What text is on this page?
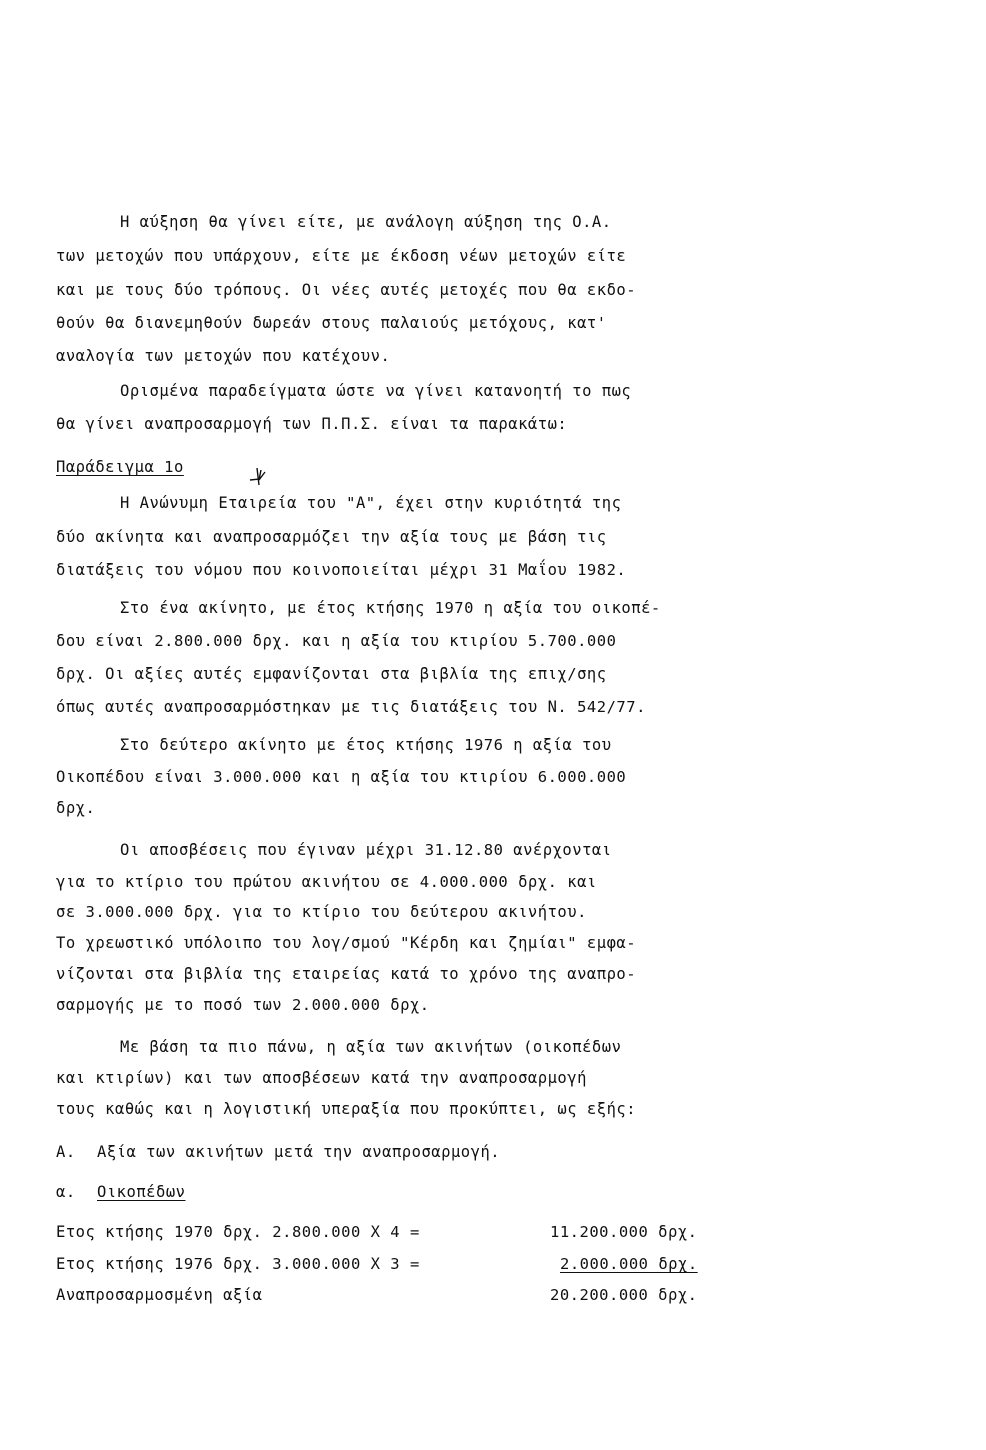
Η αύξηση θα γίνει είτε, με ανάλογη αύξηση της Ο.Α.
των μετοχών που υπάρχουν, είτε με έκδοση νέων μετοχών είτε
και με τους δύο τρόπους. Οι νέες αυτές μετοχές που θα εκδο-
θούν θα διανεμηθούν δωρεάν στους παλαιούς μετόχους, κατ'
αναλογία των μετοχών που κατέχουν.
Ορισμένα παραδείγματα ώστε να γίνει κατανοητή το πως
θα γίνει αναπροσαρμογή των Π.Π.Σ. είναι τα παρακάτω:
Παράδειγμα 1ο
Η Ανώνυμη Εταιρεία του "Α", έχει στην κυριότητά της
δύο ακίνητα και αναπροσαρμόζει την αξία τους με βάση τις
διατάξεις του νόμου που κοινοποιείται μέχρι 31 Μαΐου 1982.
Στο ένα ακίνητο, με έτος κτήσης 1970 η αξία του οικοπέ-
δου είναι 2.800.000 δρχ. και η αξία του κτιρίου 5.700.000
δρχ. Οι αξίες αυτές εμφανίζονται στα βιβλία της επιχ/σης
όπως αυτές αναπροσαρμόστηκαν με τις διατάξεις του Ν. 542/77.
Στο δεύτερο ακίνητο με έτος κτήσης 1976 η αξία του
Οικοπέδου είναι 3.000.000 και η αξία του κτιρίου 6.000.000
δρχ.
Οι αποσβέσεις που έγιναν μέχρι 31.12.80 ανέρχονται
για το κτίριο του πρώτου ακινήτου σε 4.000.000 δρχ. και
σε 3.000.000 δρχ. για το κτίριο του δεύτερου ακινήτου.
Το χρεωστικό υπόλοιπο του λογ/σμού "Κέρδη και ζημίαι" εμφα-
νίζονται στα βιβλία της εταιρείας κατά το χρόνο της αναπρο-
σαρμογής με το ποσό των 2.000.000 δρχ.
Με βάση τα πιο πάνω, η αξία των ακινήτων (οικοπέδων
και κτιρίων) και των αποσβέσεων κατά την αναπροσαρμογή
τους καθώς και η λογιστική υπεραξία που προκύπτει, ως εξής:
Α. Αξία των ακινήτων μετά την αναπροσαρμογή.
α. Οικοπέδων
Ετος κτήσης 1970 δρχ. 2.800.000 Χ 4 =	11.200.000 δρχ.
Ετος κτήσης 1976 δρχ. 3.000.000 Χ 3 =	2.000.000 δρχ.
Αναπροσαρμοσμένη αξία	20.200.000 δρχ.
